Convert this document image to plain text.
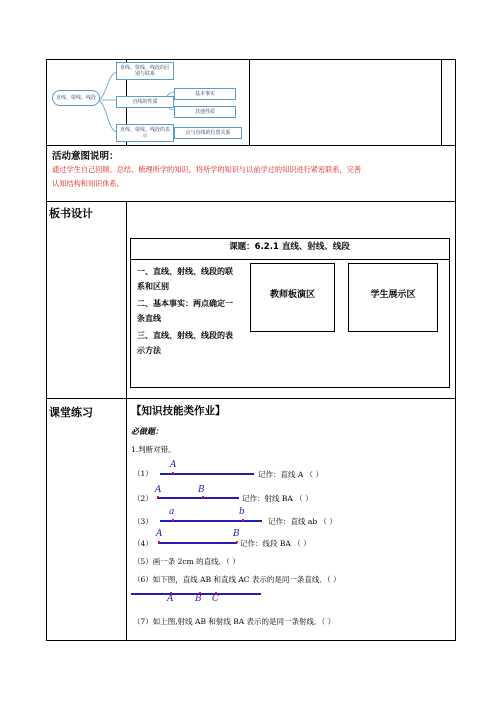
直线、射线、线段
直线、射线、线段的区别与联系
直线的性质
基本事实
其他性质
直线、射线、线段的表示	点与直线的位置关系
活动意图说明：
通过学生自己回顾、总结、梳理所学的知识，将所学的知识与以前学过的知识进行紧密联系，完善
认知结构和知识体系。
板书设计
课题：6.2.1 直线、射线、线段
一、直线、射线、线段的联
系和区别
二、基本事实：两点确定一
条直线
三、直线、射线、线段的表
示方法
教师板演区	学生展示区
课堂练习	【知识技能类作业】
必做题：
1.判断对错。
（1）
A
记作：直线 A （ ）
（2）
A	B
记作：射线 BA （ ）
（3）
a	b
记作：直线 ab （ ）
（4）
A	B
记作：线段 BA （ ）
（5）画一条 2cm 的直线．（ ）
（6）如下图，直线 AB 和直线 AC 表示的是同一条直线．（ ）
A B C
（7）如上图,射线 AB 和射线 BA 表示的是同一条射线．（ ）
